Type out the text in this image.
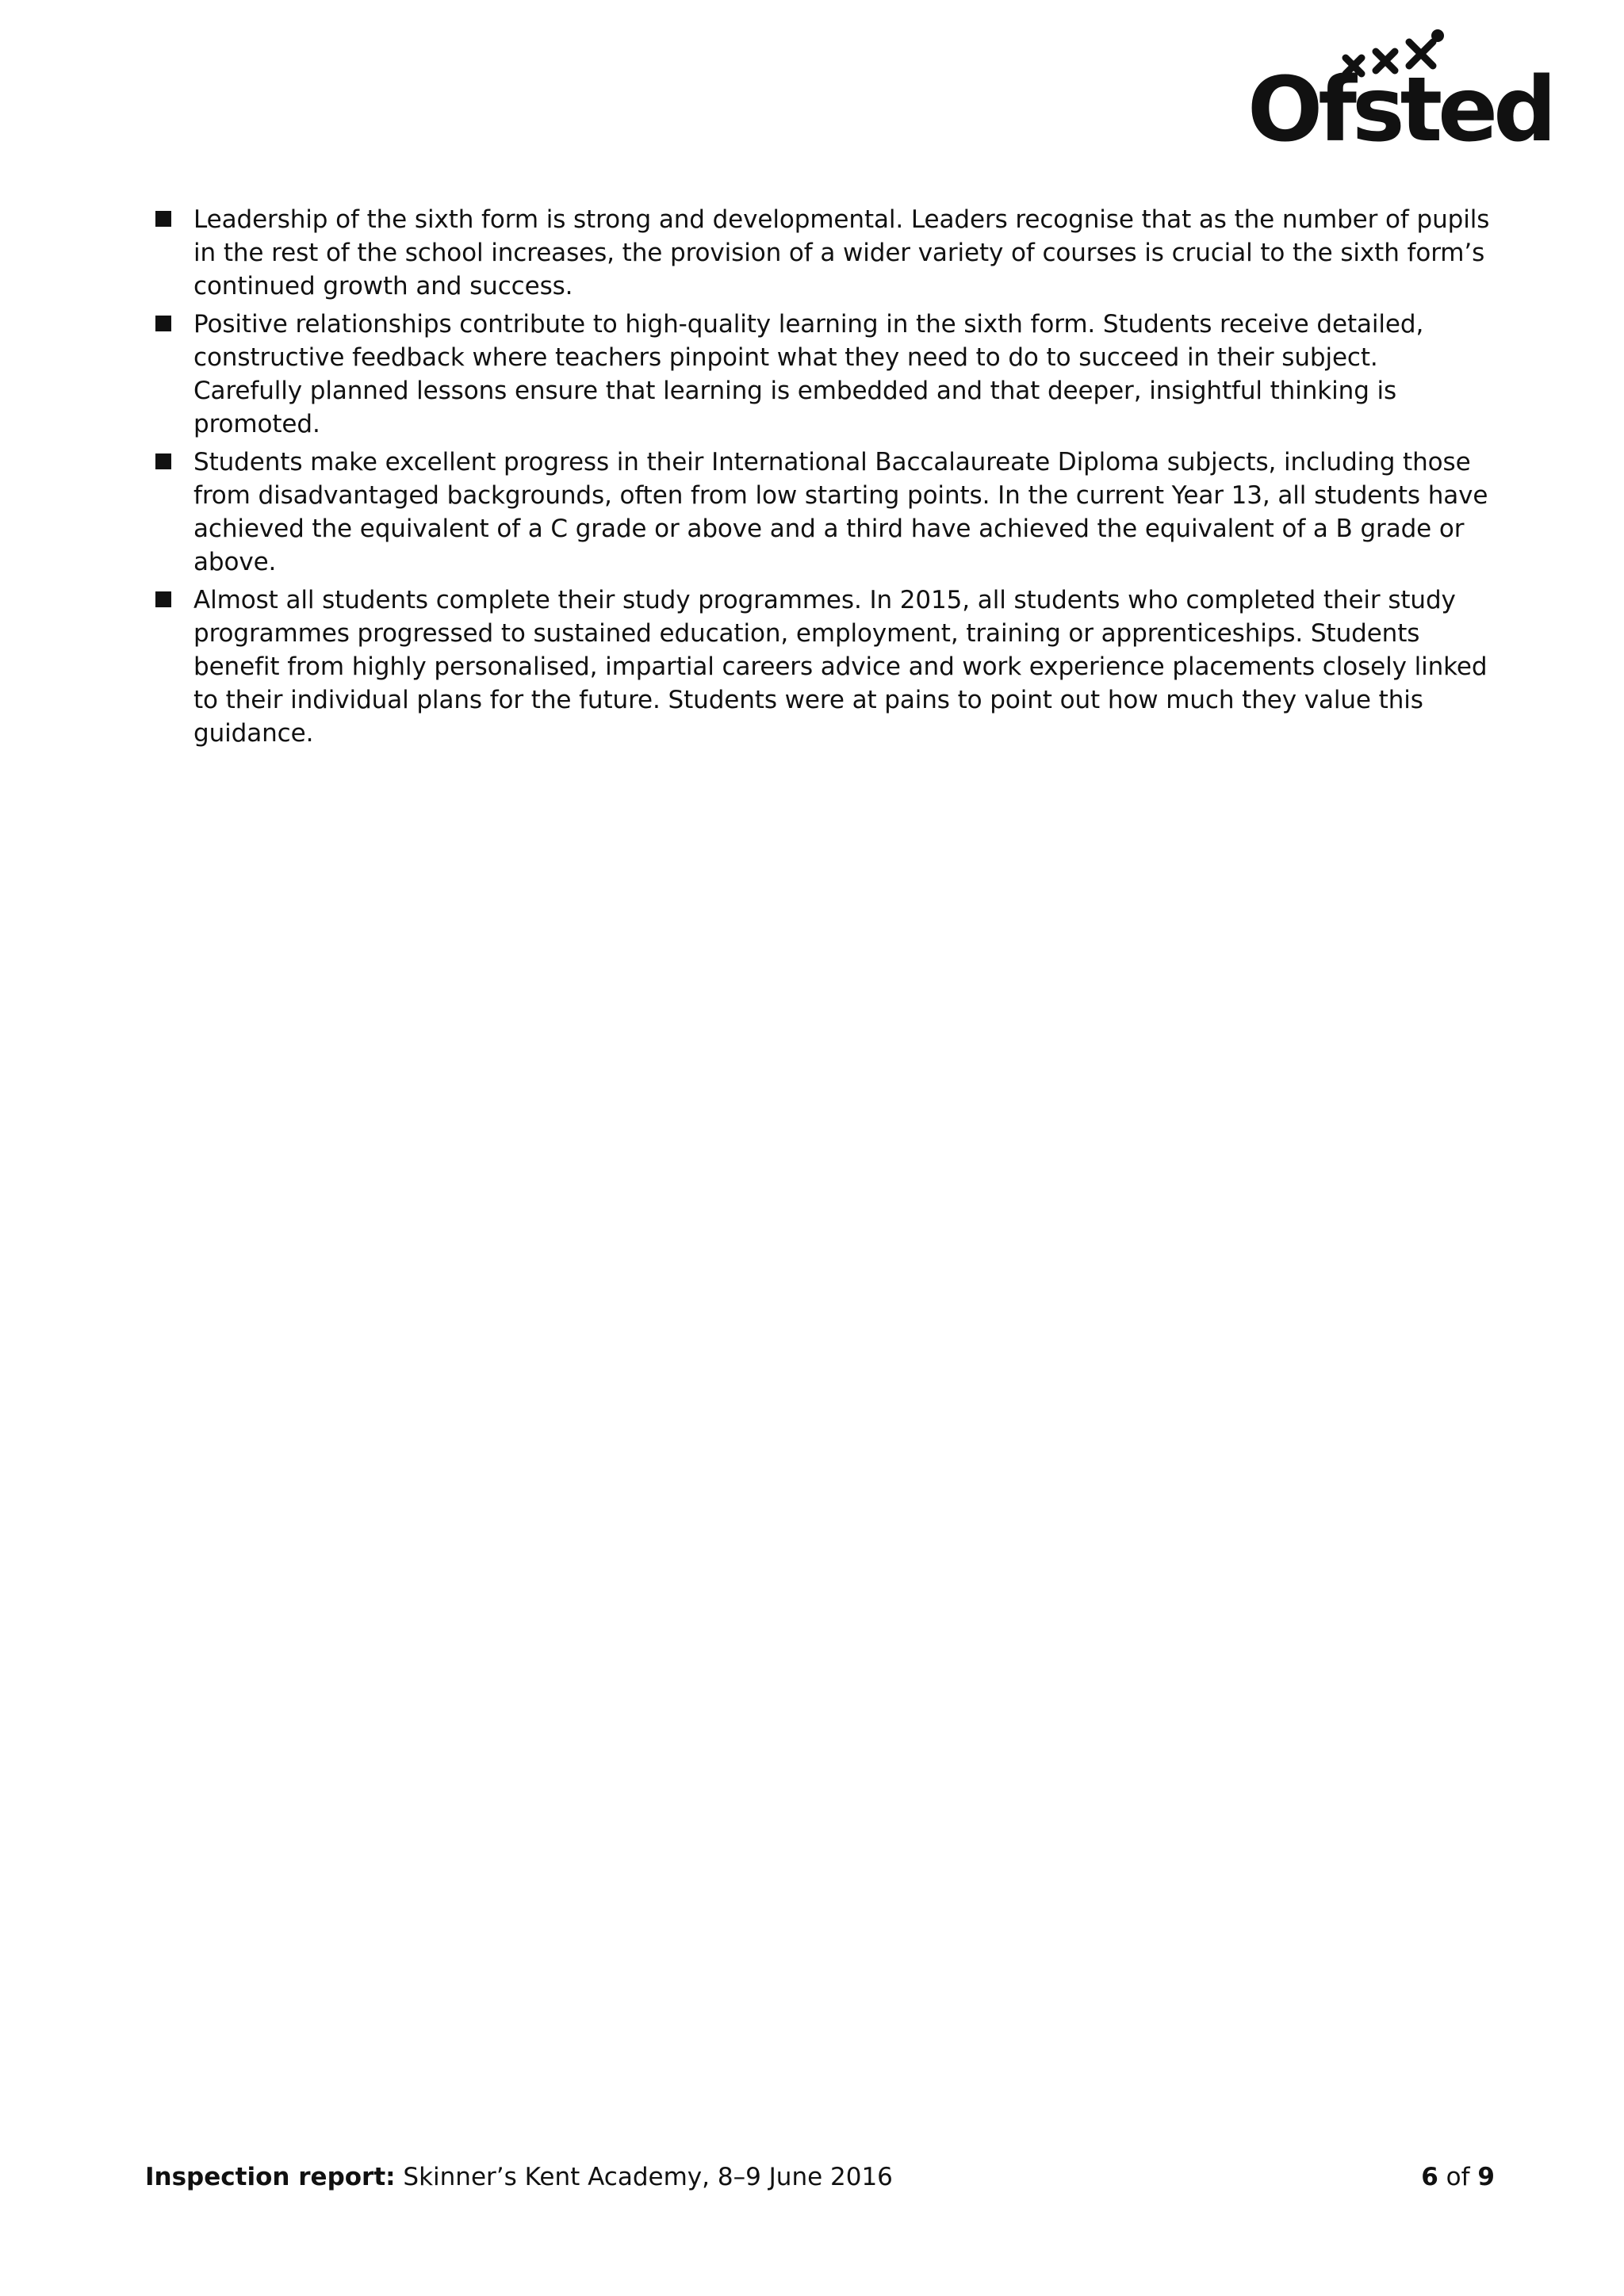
Ofsted
Leadership of the sixth form is strong and developmental. Leaders recognise that as the number of pupils in the rest of the school increases, the provision of a wider variety of courses is crucial to the sixth form’s continued growth and success.
Positive relationships contribute to high-quality learning in the sixth form. Students receive detailed, constructive feedback where teachers pinpoint what they need to do to succeed in their subject. Carefully planned lessons ensure that learning is embedded and that deeper, insightful thinking is promoted.
Students make excellent progress in their International Baccalaureate Diploma subjects, including those from disadvantaged backgrounds, often from low starting points. In the current Year 13, all students have achieved the equivalent of a C grade or above and a third have achieved the equivalent of a B grade or above.
Almost all students complete their study programmes. In 2015, all students who completed their study programmes progressed to sustained education, employment, training or apprenticeships. Students benefit from highly personalised, impartial careers advice and work experience placements closely linked to their individual plans for the future. Students were at pains to point out how much they value this guidance.
Inspection report: Skinner’s Kent Academy, 8–9 June 2016	6 of 9
